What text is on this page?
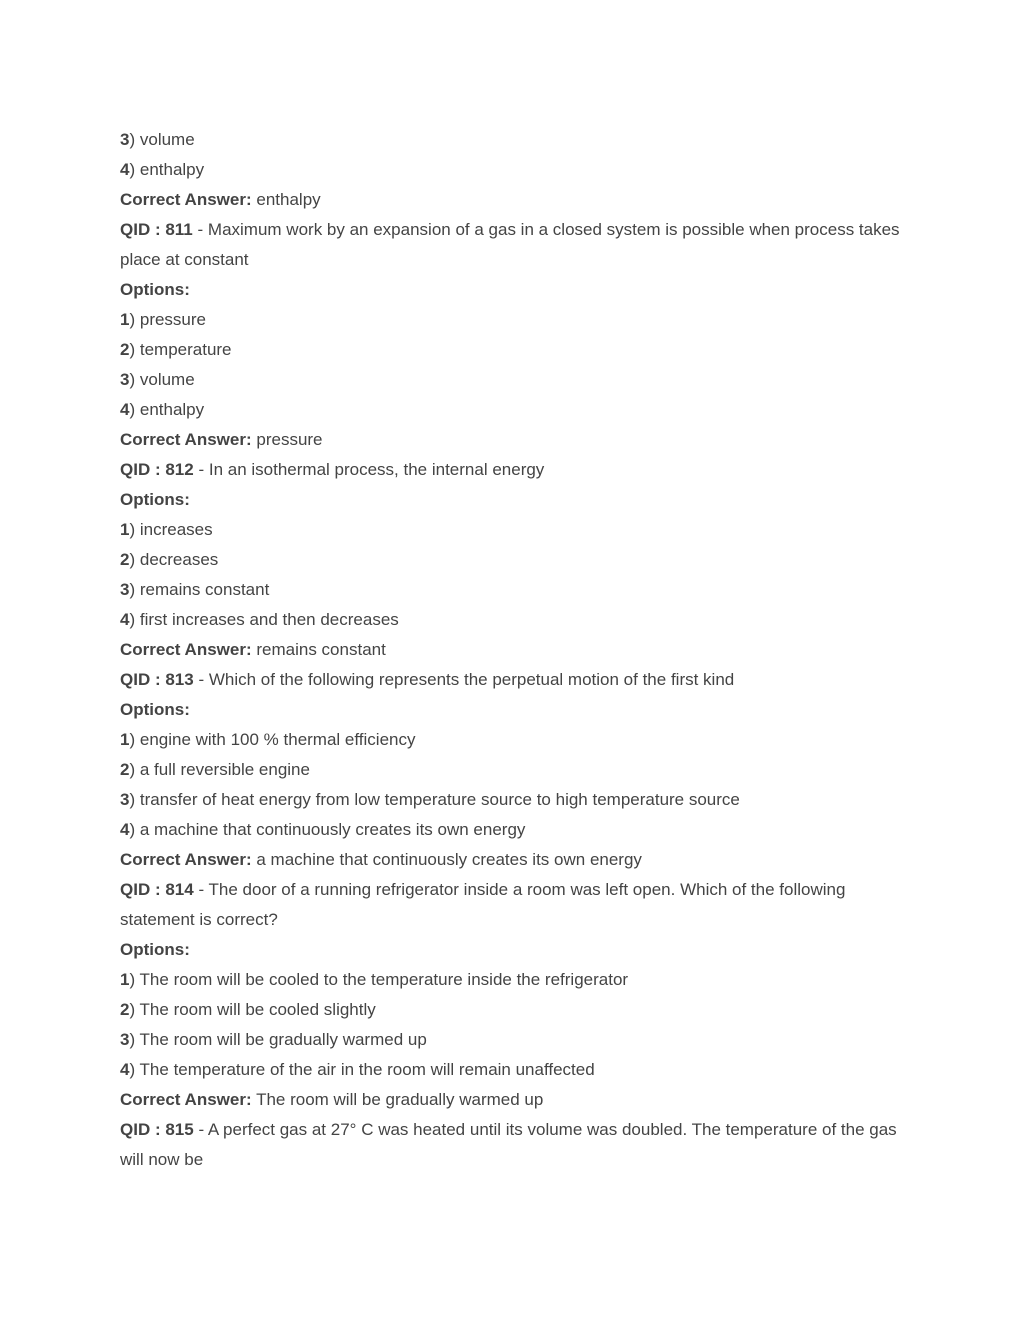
3) volume

4) enthalpy

Correct Answer: enthalpy

QID : 811 - Maximum work by an expansion of a gas in a closed system is possible when process takes place at constant

Options:

1) pressure

2) temperature

3) volume

4) enthalpy

Correct Answer: pressure

QID : 812 - In an isothermal process, the internal energy

Options:

1) increases

2) decreases

3) remains constant

4) first increases and then decreases

Correct Answer: remains constant

QID : 813 - Which of the following represents the perpetual motion of the first kind

Options:

1) engine with 100 % thermal efficiency

2) a full reversible engine

3) transfer of heat energy from low temperature source to high temperature source

4) a machine that continuously creates its own energy

Correct Answer: a machine that continuously creates its own energy

QID : 814 - The door of a running refrigerator inside a room was left open. Which of the following statement is correct?

Options:

1) The room will be cooled to the temperature inside the refrigerator

2) The room will be cooled slightly

3) The room will be gradually warmed up

4) The temperature of the air in the room will remain unaffected

Correct Answer: The room will be gradually warmed up

QID : 815 - A perfect gas at 27° C was heated until its volume was doubled. The temperature of the gas will now be
